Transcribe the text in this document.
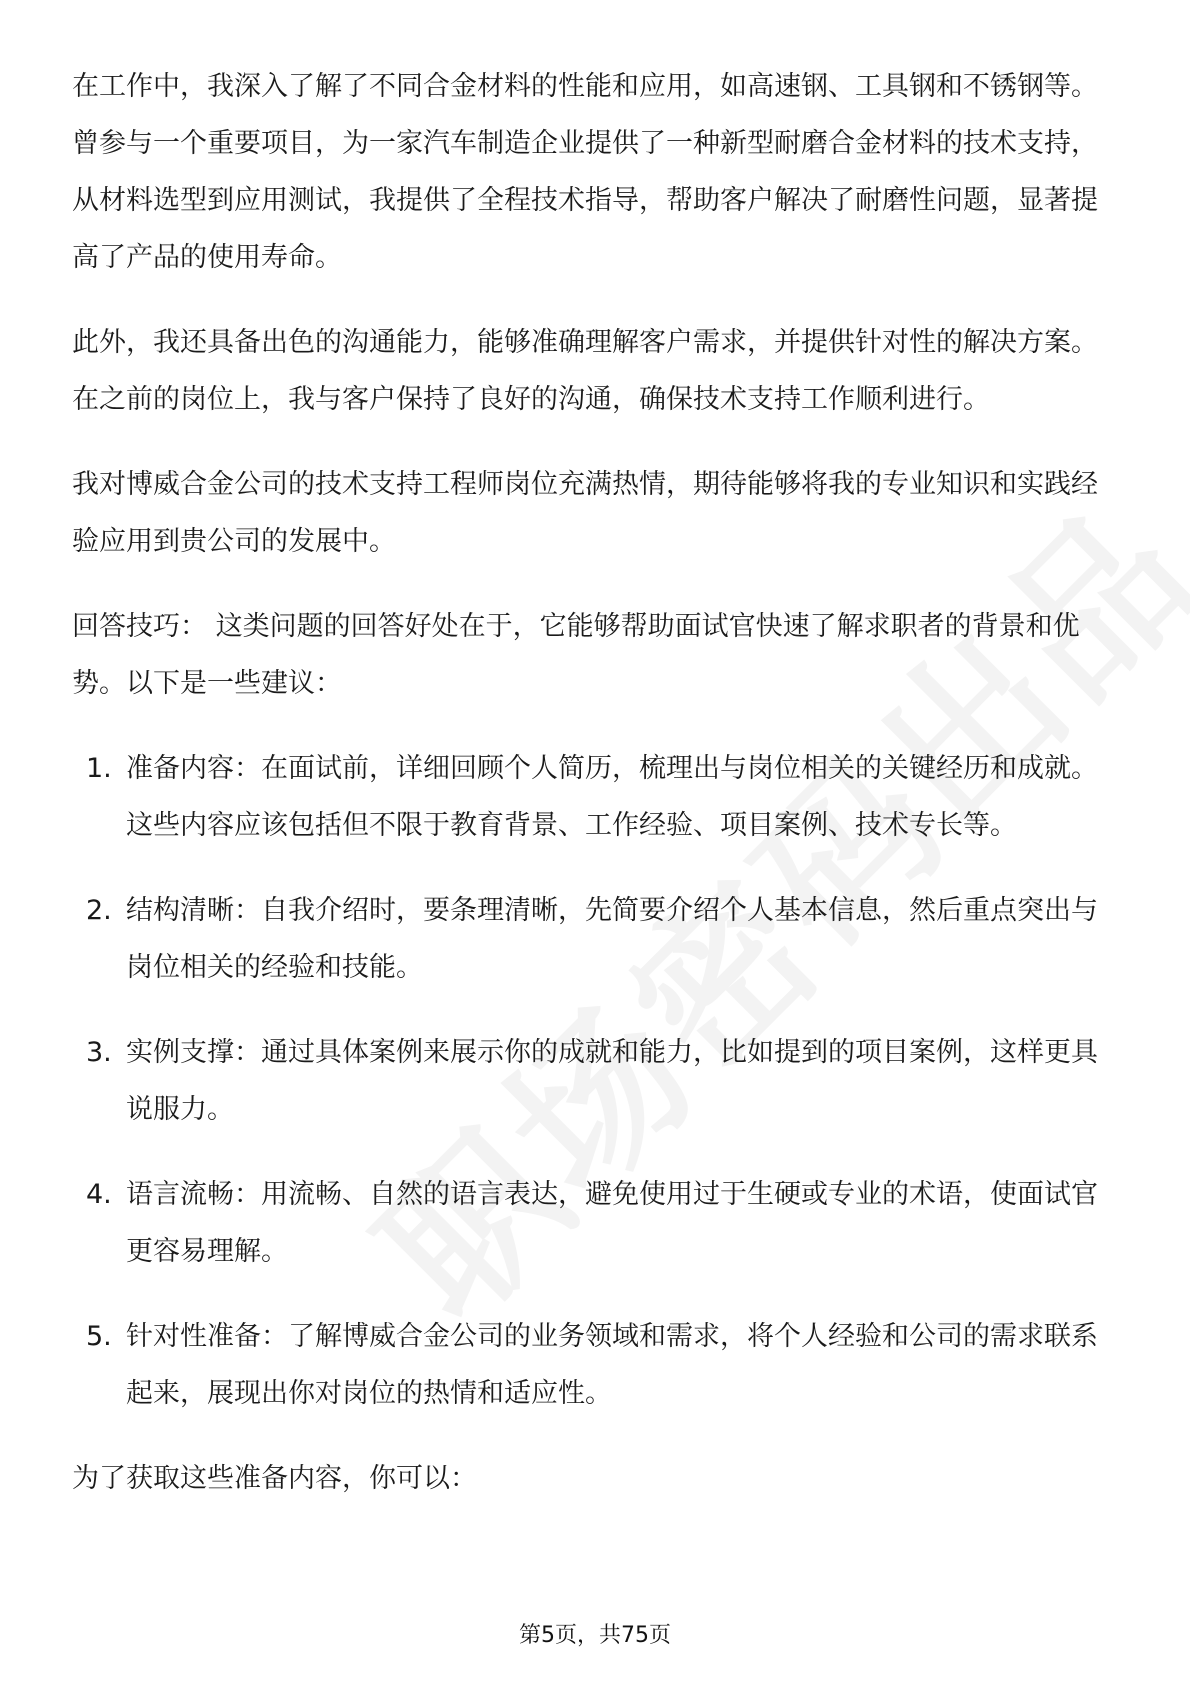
在工作中，我深入了解了不同合金材料的性能和应用，如高速钢、工具钢和不锈钢等。曾参与一个重要项目，为一家汽车制造企业提供了一种新型耐磨合金材料的技术支持，从材料选型到应用测试，我提供了全程技术指导，帮助客户解决了耐磨性问题，显著提高了产品的使用寿命。

此外，我还具备出色的沟通能力，能够准确理解客户需求，并提供针对性的解决方案。在之前的岗位上，我与客户保持了良好的沟通，确保技术支持工作顺利进行。

我对博威合金公司的技术支持工程师岗位充满热情，期待能够将我的专业知识和实践经验应用到贵公司的发展中。

回答技巧： 这类问题的回答好处在于，它能够帮助面试官快速了解求职者的背景和优势。以下是一些建议：

1. 准备内容：在面试前，详细回顾个人简历，梳理出与岗位相关的关键经历和成就。这些内容应该包括但不限于教育背景、工作经验、项目案例、技术专长等。
2. 结构清晰：自我介绍时，要条理清晰，先简要介绍个人基本信息，然后重点突出与岗位相关的经验和技能。
3. 实例支撑：通过具体案例来展示你的成就和能力，比如提到的项目案例，这样更具说服力。
4. 语言流畅：用流畅、自然的语言表达，避免使用过于生硬或专业的术语，使面试官更容易理解。
5. 针对性准备：了解博威合金公司的业务领域和需求，将个人经验和公司的需求联系起来，展现出你对岗位的热情和适应性。

为了获取这些准备内容，你可以：

第5页，共75页
